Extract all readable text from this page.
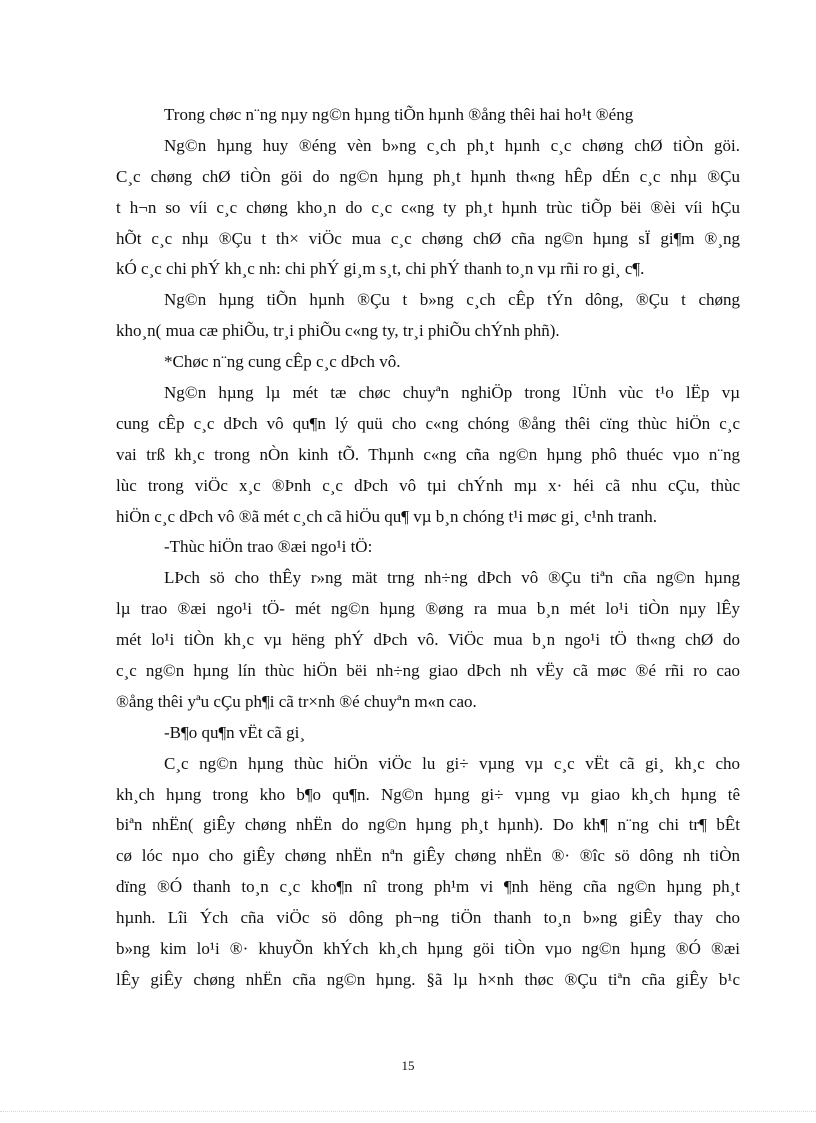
Trong chøc n¨ng nµy ng©n hµng tiÕn hµnh ®ång thêi hai ho¹t ®éng
Ng©n hµng huy ®éng vèn b»ng c¸ch ph¸t hµnh c¸c chøng chØ tiÒn göi.
C¸c chøng chØ tiÒn göi do ng©n hµng ph¸t hµnh th«ng hÊp dÉn c¸c nhµ ®Çu
t h¬n so víi c¸c chøng kho¸n do c¸c c«ng ty ph¸t hµnh trùc tiÕp bëi ®èi víi hÇu
hÕt c¸c nhµ ®Çu t th× viÖc mua c¸c chøng chØ cña ng©n hµng sÏ gi¶m ®¸ng
kÓ c¸c chi phÝ kh¸c nh: chi phÝ gi¸m s¸t, chi phÝ thanh to¸n vµ rñi ro gi¸ c¶.
Ng©n hµng tiÕn hµnh ®Çu t b»ng c¸ch cÊp tÝn dông, ®Çu t chøng
kho¸n( mua cæ phiÕu, tr¸i phiÕu c«ng ty, tr¸i phiÕu chÝnh phñ).
*Chøc n¨ng cung cÊp c¸c dÞch vô.
Ng©n hµng lµ mét tæ chøc chuyªn nghiÖp trong lÜnh vùc t¹o lËp vµ
cung cÊp c¸c dÞch vô qu¶n lý quü cho c«ng chóng ®ång thêi cïng thùc hiÖn c¸c
vai trß kh¸c trong nÒn kinh tÕ. Thµnh c«ng cña ng©n hµng phô thuéc vµo n¨ng
lùc trong viÖc x¸c ®Þnh c¸c dÞch vô tµi chÝnh mµ x· héi cã nhu cÇu, thùc
hiÖn c¸c dÞch vô ®ã mét c¸ch cã hiÖu qu¶ vµ b¸n chóng t¹i møc gi¸ c¹nh tranh.
-Thùc hiÖn trao ®æi ngo¹i tÖ:
LÞch sö cho thÊy r»ng mät trng nh÷ng dÞch vô ®Çu tiªn cña ng©n hµng
lµ trao ®æi ngo¹i tÖ- mét ng©n hµng ®øng ra mua b¸n mét lo¹i tiÒn nµy lÊy
mét lo¹i tiÒn kh¸c vµ hëng phÝ dÞch vô. ViÖc mua b¸n ngo¹i tÖ th«ng chØ do
c¸c ng©n hµng lín thùc hiÖn bëi nh÷ng giao dÞch nh vËy cã møc ®é rñi ro cao
®ång thêi yªu cÇu ph¶i cã tr×nh ®é chuyªn m«n cao.
-B¶o qu¶n vËt cã gi¸
C¸c ng©n hµng thùc hiÖn viÖc lu gi÷ vµng vµ c¸c vËt cã gi¸ kh¸c cho
kh¸ch hµng trong kho b¶o qu¶n. Ng©n hµng gi÷ vµng vµ giao kh¸ch hµng tê
biªn nhËn( giÊy chøng nhËn do ng©n hµng ph¸t hµnh). Do kh¶ n¨ng chi tr¶ bÊt
cø lóc nµo cho giÊy chøng nhËn nªn giÊy chøng nhËn ®· ®îc sö dông nh tiÒn
dïng ®Ó thanh to¸n c¸c kho¶n nî trong ph¹m vi ¶nh hëng cña ng©n hµng ph¸t
hµnh. Lîi Ých cña viÖc sö dông ph¬ng tiÖn thanh to¸n b»ng giÊy thay cho
b»ng kim lo¹i ®· khuyÕn khÝch kh¸ch hµng göi tiÒn vµo ng©n hµng ®Ó ®æi
lÊy giÊy chøng nhËn cña ng©n hµng. §ã lµ h×nh thøc ®Çu tiªn cña giÊy b¹c
15
